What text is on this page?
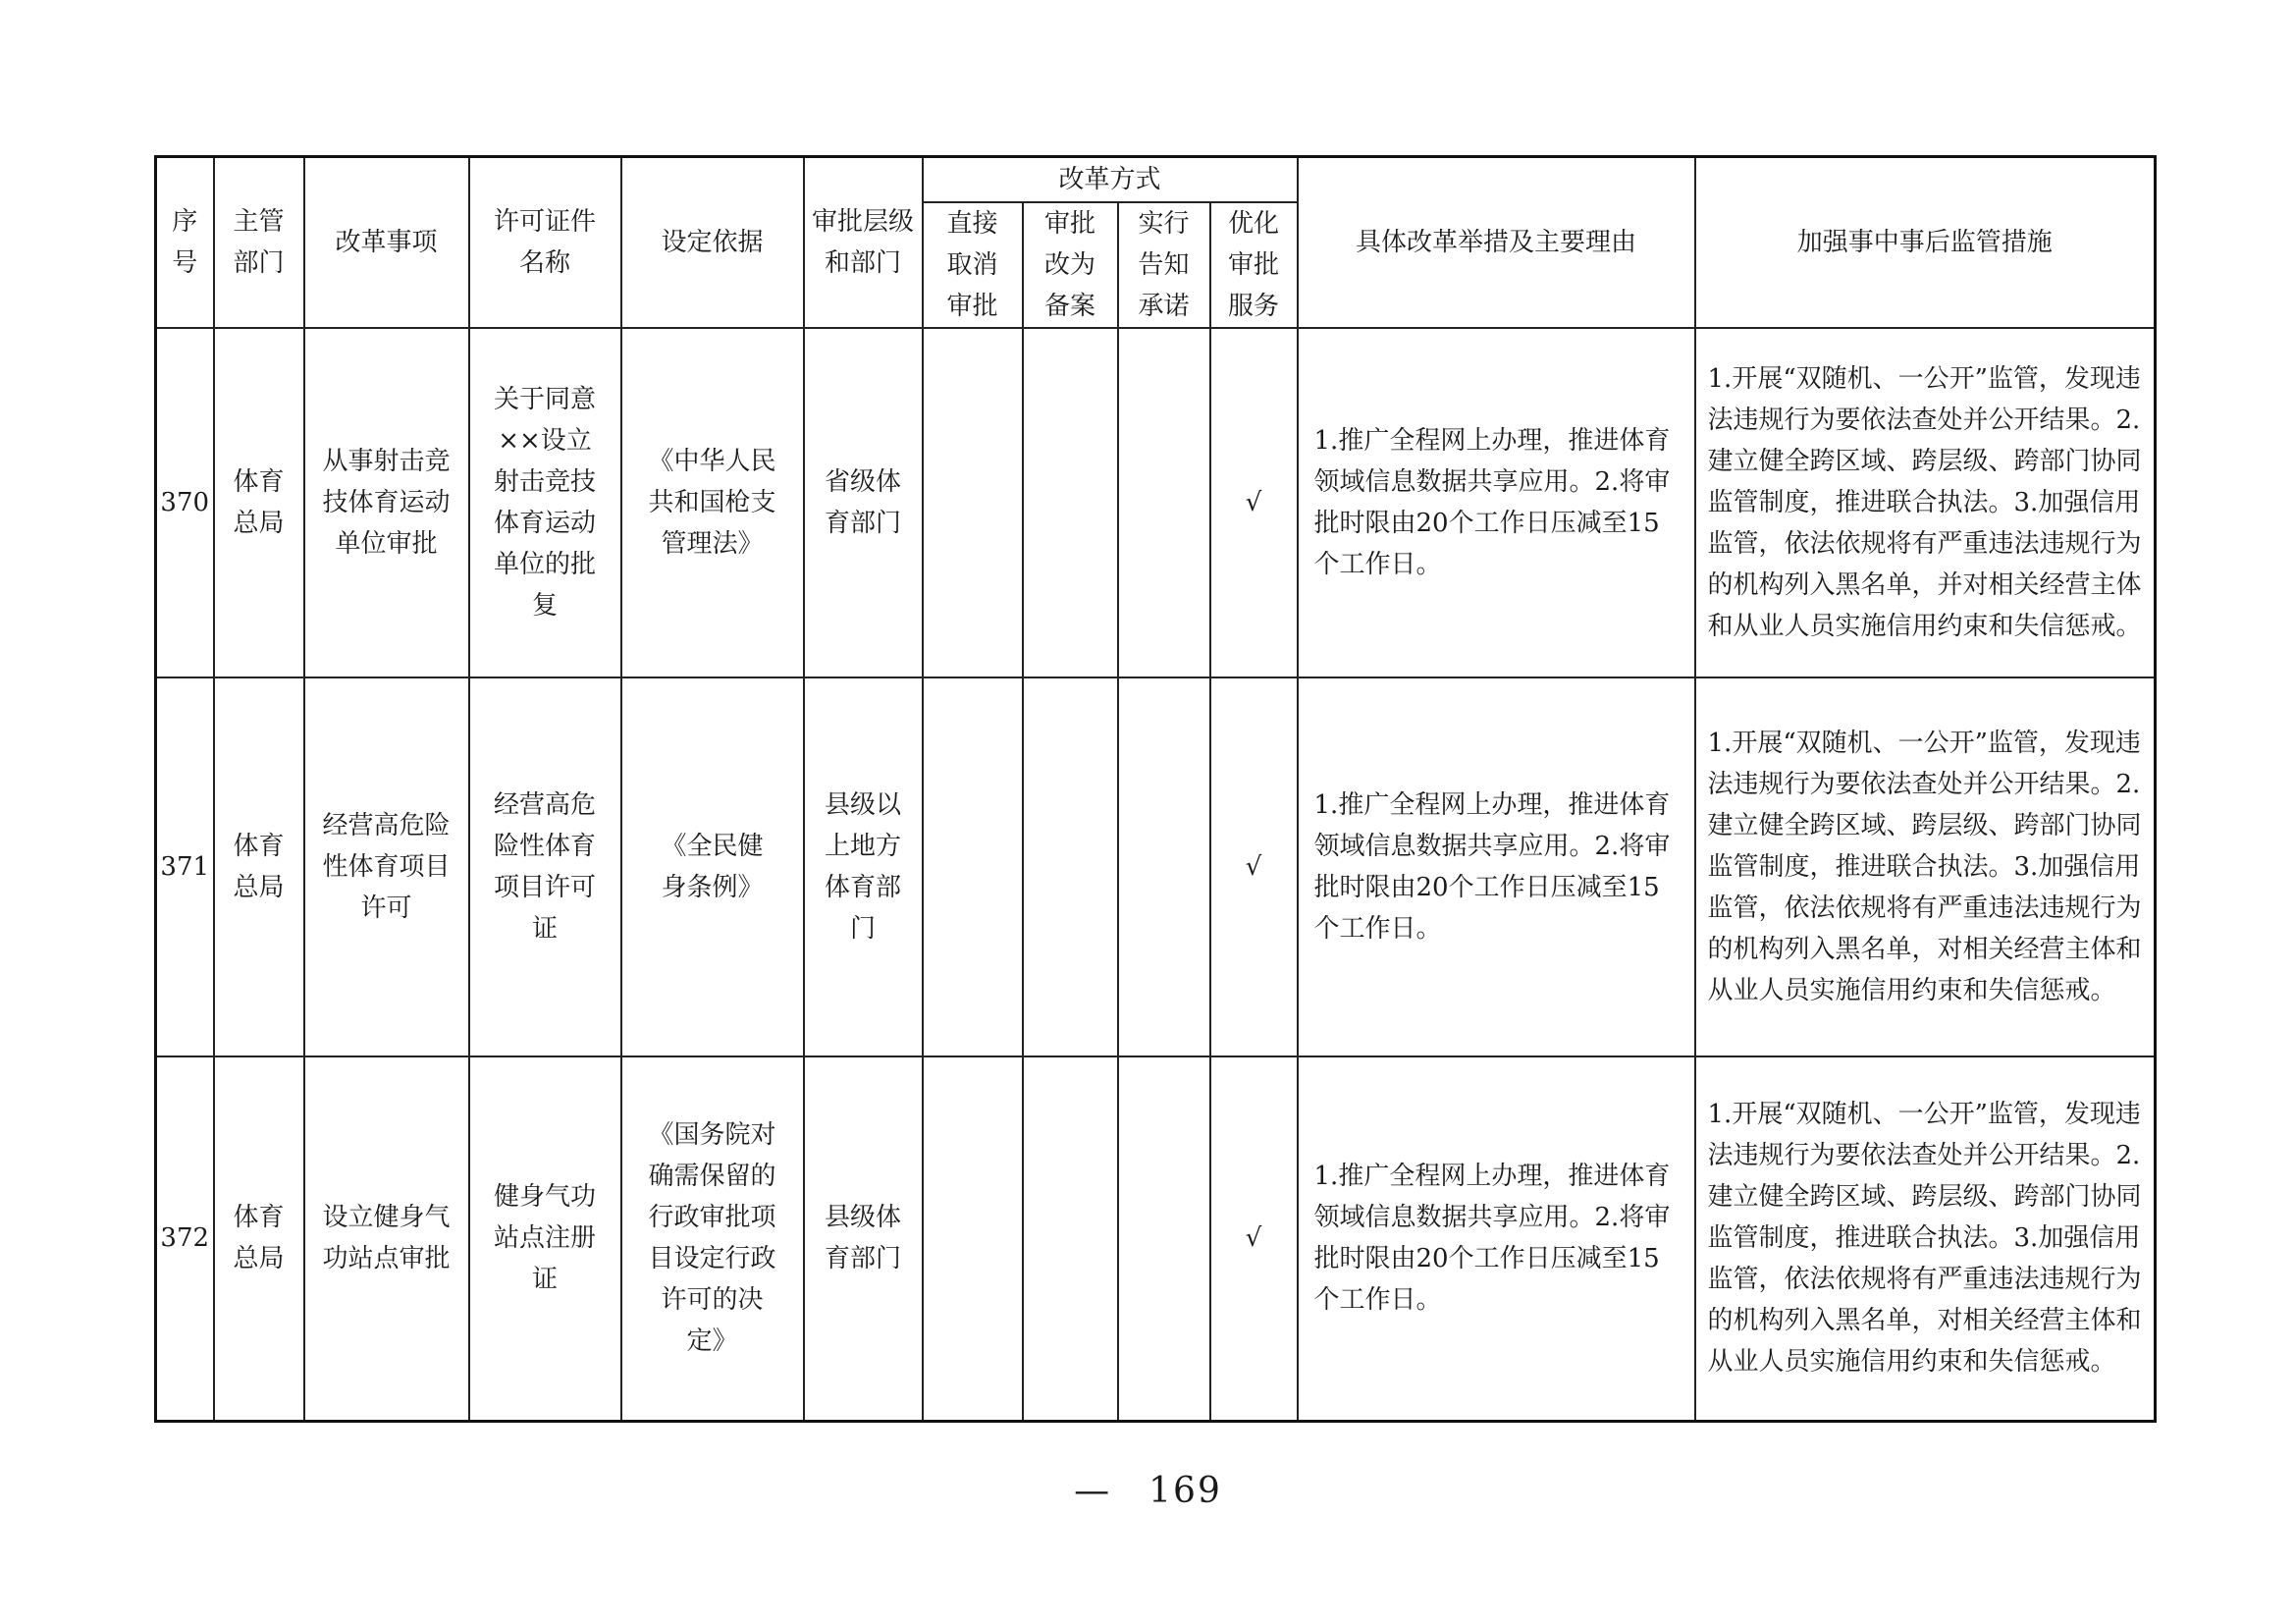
序号	主管部门	改革事项	许可证件名称	设定依据	审批层级和部门	改革方式				具体改革举措及主要理由	加强事中事后监管措施

						直接取消审批	审批改为备案	实行告知承诺	优化审批服务		

370	体育总局	从事射击竞技体育运动单位审批	关于同意××设立射击竞技体育运动单位的批复	《中华人民共和国枪支管理法》	省级体育部门				√	1.推广全程网上办理，推进体育领域信息数据共享应用。2.将审批时限由20个工作日压减至15个工作日。	1.开展“双随机、一公开”监管，发现违法违规行为要依法查处并公开结果。2.建立健全跨区域、跨层级、跨部门协同监管制度，推进联合执法。3.加强信用监管，依法依规将有严重违法违规行为的机构列入黑名单，并对相关经营主体和从业人员实施信用约束和失信惩戒。

371	体育总局	经营高危险性体育项目许可	经营高危险性体育项目许可证	《全民健身条例》	县级以上地方体育部门				√	1.推广全程网上办理，推进体育领域信息数据共享应用。2.将审批时限由20个工作日压减至15个工作日。	1.开展“双随机、一公开”监管，发现违法违规行为要依法查处并公开结果。2.建立健全跨区域、跨层级、跨部门协同监管制度，推进联合执法。3.加强信用监管，依法依规将有严重违法违规行为的机构列入黑名单，对相关经营主体和从业人员实施信用约束和失信惩戒。

372	体育总局	设立健身气功站点审批	健身气功站点注册证	《国务院对确需保留的行政审批项目设定行政许可的决定》	县级体育部门				√	1.推广全程网上办理，推进体育领域信息数据共享应用。2.将审批时限由20个工作日压减至15个工作日。	1.开展“双随机、一公开”监管，发现违法违规行为要依法查处并公开结果。2.建立健全跨区域、跨层级、跨部门协同监管制度，推进联合执法。3.加强信用监管，依法依规将有严重违法违规行为的机构列入黑名单，对相关经营主体和从业人员实施信用约束和失信惩戒。
— 169
